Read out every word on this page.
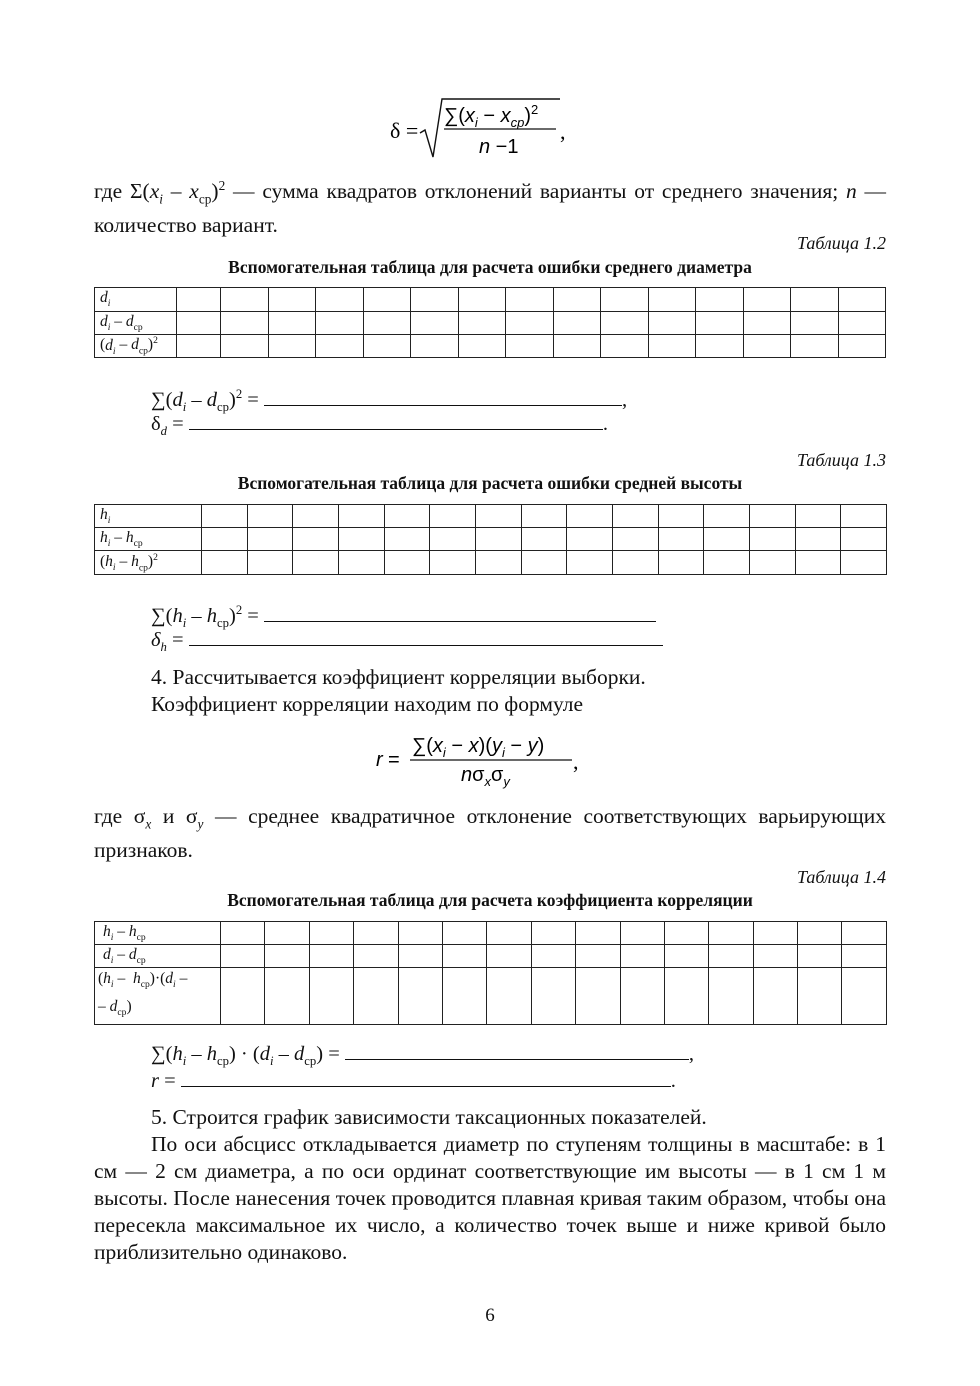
δ =
$\sum(x_i - x_{cp})^2$
n −1
,
где $\Sigma(x_i - x_{ср})^2$ — сумма квадратов отклонений варианты от среднего значения; n — количество вариант.
Таблица 1.2
Вспомогательная таблица для расчета ошибки среднего диаметра
$d_i$															
$d_i - d_{ср}$															
$(d_i - d_{ср})^2$															
$\sum(d_i - d_{ср})^2$ =	,
$\delta_d$ =	.
Таблица 1.3
Вспомогательная таблица для расчета ошибки средней высоты
$h_i$															
$h_i - h_{ср}$															
$(h_i - h_{ср})^2$															
$\sum(h_i - h_{ср})^2$ =
$\delta_h$ =
4. Рассчитывается коэффициент корреляции выборки.
Коэффициент корреляции находим по формуле
r =
$\sum(x_i - x)(y_i - y)$
$n\sigma_x\sigma_y$
,
где $\sigma_x$ и $\sigma_y$ — среднее квадратичное отклонение соответствующих варьирующих признаков.
Таблица 1.4
Вспомогательная таблица для расчета коэффициента корреляции
$h_i - h_{ср}$															
$d_i - d_{ср}$															
$(h_i - h_{ср})\cdot(d_i$ –
– $d_{ср}$)															
$\sum(h_i - h_{ср}) \cdot (d_i - d_{ср})$ =	,
r =	.
5. Строится график зависимости таксационных показателей.
По оси абсцисс откладывается диаметр по ступеням толщины в масштабе: в 1 см — 2 см диаметра, а по оси ординат соответствующие им высоты — в 1 см 1 м высоты. После нанесения точек проводится плавная кривая таким образом, чтобы она пересекла максимальное их число, а количество точек выше и ниже кривой было приблизительно одинаково.
6
